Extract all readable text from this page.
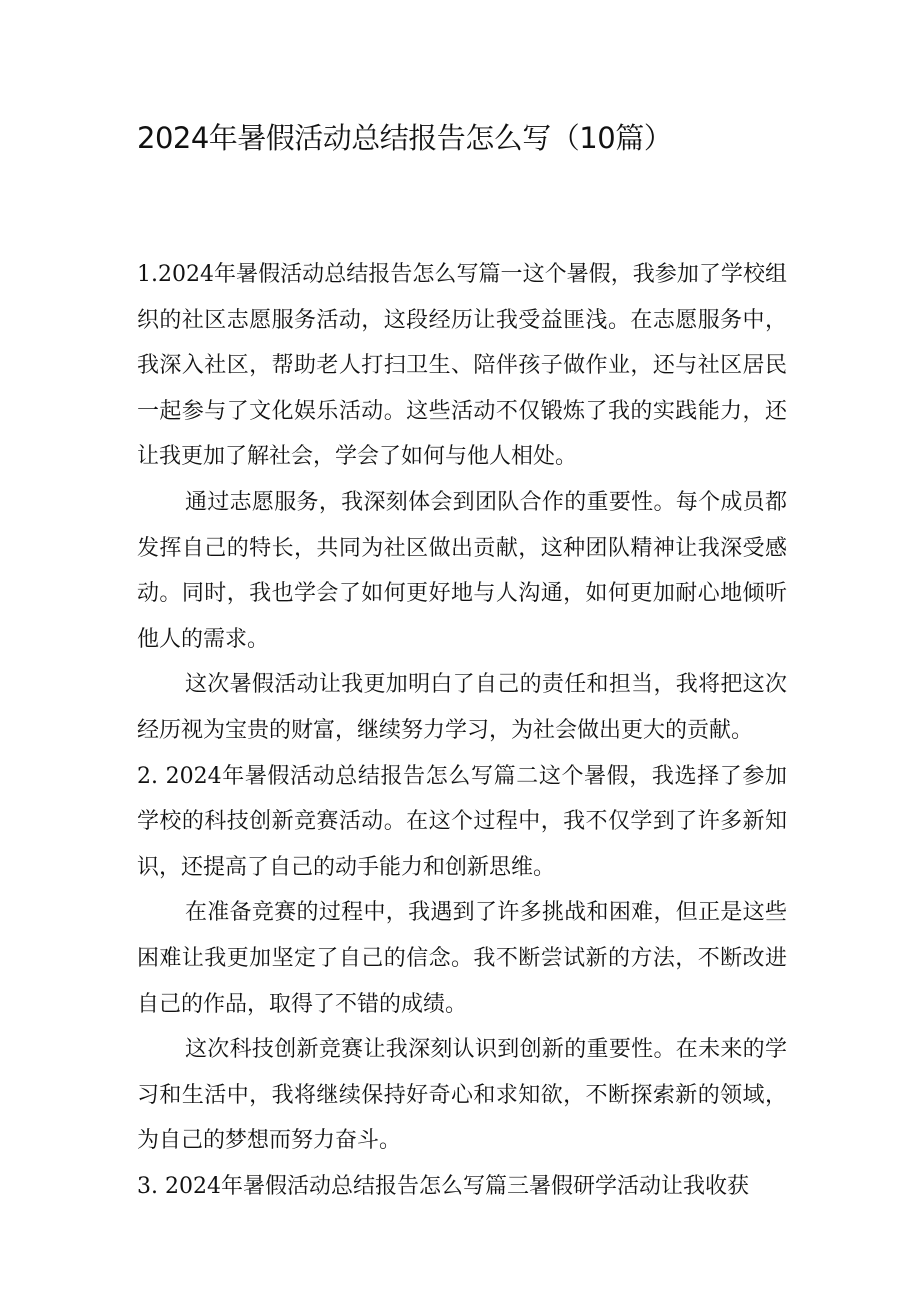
2024年暑假活动总结报告怎么写（10篇）

1.2024年暑假活动总结报告怎么写篇一这个暑假，我参加了学校组织的社区志愿服务活动，这段经历让我受益匪浅。在志愿服务中，我深入社区，帮助老人打扫卫生、陪伴孩子做作业，还与社区居民一起参与了文化娱乐活动。这些活动不仅锻炼了我的实践能力，还让我更加了解社会，学会了如何与他人相处。

通过志愿服务，我深刻体会到团队合作的重要性。每个成员都发挥自己的特长，共同为社区做出贡献，这种团队精神让我深受感动。同时，我也学会了如何更好地与人沟通，如何更加耐心地倾听他人的需求。

这次暑假活动让我更加明白了自己的责任和担当，我将把这次经历视为宝贵的财富，继续努力学习，为社会做出更大的贡献。

2. 2024年暑假活动总结报告怎么写篇二这个暑假，我选择了参加学校的科技创新竞赛活动。在这个过程中，我不仅学到了许多新知识，还提高了自己的动手能力和创新思维。

在准备竞赛的过程中，我遇到了许多挑战和困难，但正是这些困难让我更加坚定了自己的信念。我不断尝试新的方法，不断改进自己的作品，取得了不错的成绩。

这次科技创新竞赛让我深刻认识到创新的重要性。在未来的学习和生活中，我将继续保持好奇心和求知欲，不断探索新的领域，为自己的梦想而努力奋斗。

3. 2024年暑假活动总结报告怎么写篇三暑假研学活动让我收获
